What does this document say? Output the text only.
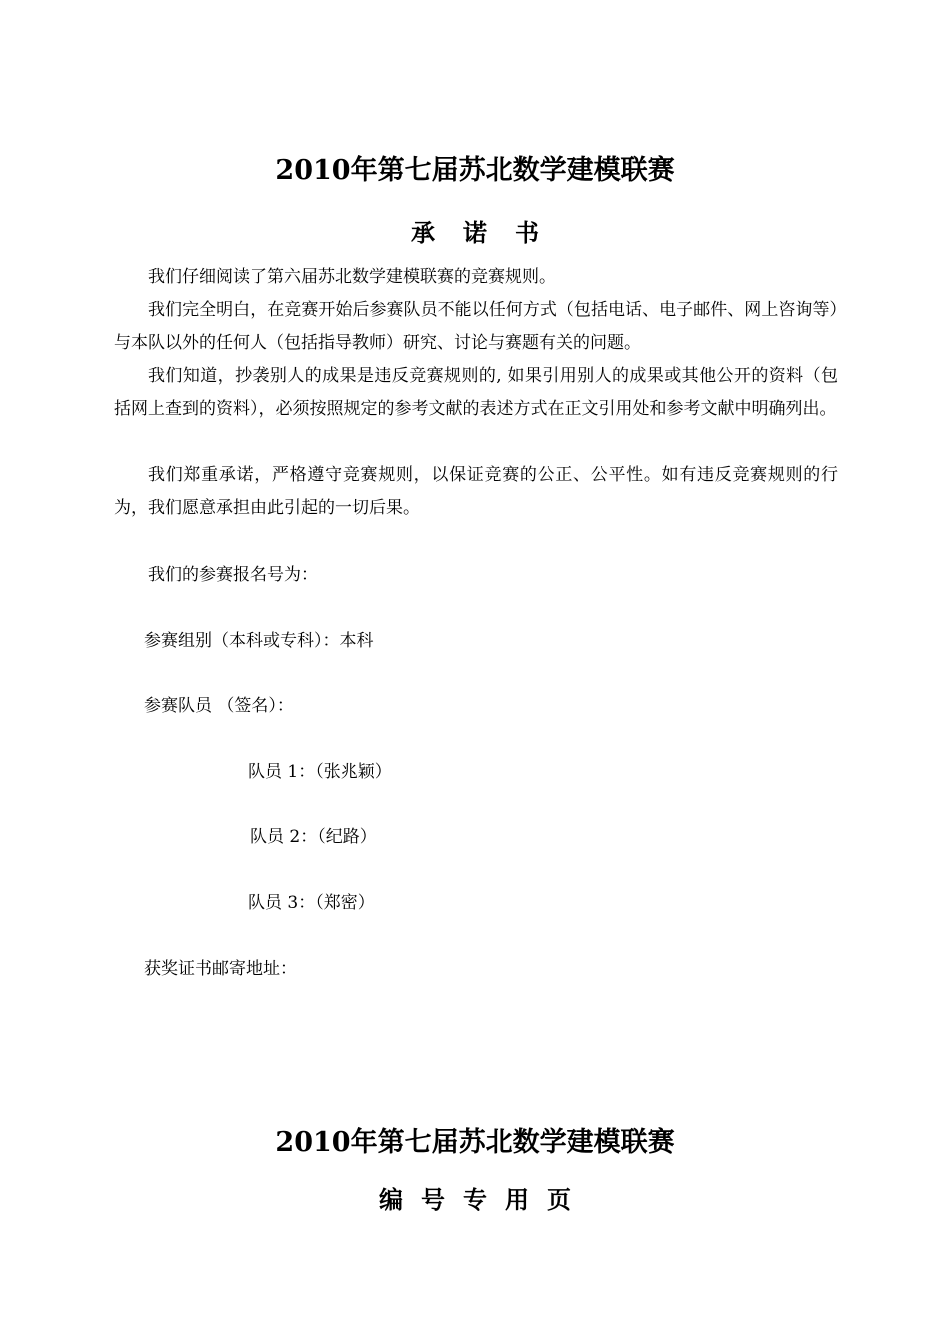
2010年第七届苏北数学建模联赛
承诺书
我们仔细阅读了第六届苏北数学建模联赛的竞赛规则。
我们完全明白，在竞赛开始后参赛队员不能以任何方式（包括电话、电子邮件、网上咨询等）与本队以外的任何人（包括指导教师）研究、讨论与赛题有关的问题。
我们知道，抄袭别人的成果是违反竞赛规则的, 如果引用别人的成果或其他公开的资料（包括网上查到的资料），必须按照规定的参考文献的表述方式在正文引用处和参考文献中明确列出。
我们郑重承诺，严格遵守竞赛规则，以保证竞赛的公正、公平性。如有违反竞赛规则的行为，我们愿意承担由此引起的一切后果。
我们的参赛报名号为：
参赛组别（本科或专科）：本科
参赛队员 （签名）：
队员 1：（张兆颖）
队员 2：（纪路）
队员 3：（郑密）
获奖证书邮寄地址：
2010年第七届苏北数学建模联赛
编号专用页
